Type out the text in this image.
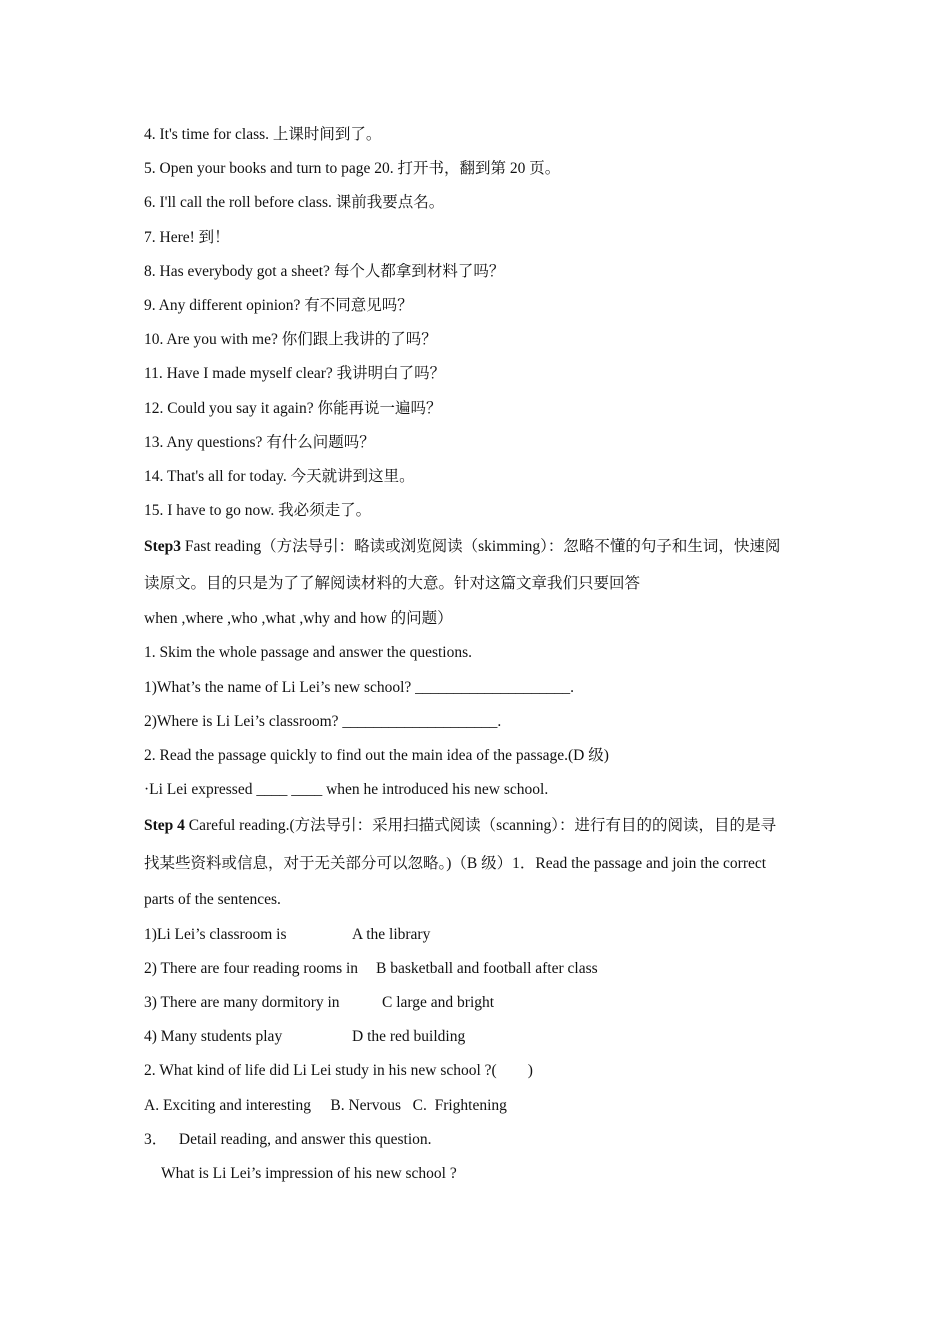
4. It's time for class. 上课时间到了。
5. Open your books and turn to page 20. 打开书，翻到第 20 页。
6. I'll call the roll before class. 课前我要点名。
7. Here! 到！
8. Has everybody got a sheet? 每个人都拿到材料了吗？
9. Any different opinion? 有不同意见吗？
10. Are you with me? 你们跟上我讲的了吗？
11. Have I made myself clear? 我讲明白了吗？
12. Could you say it again? 你能再说一遍吗？
13. Any questions? 有什么问题吗？
14. That's all for today. 今天就讲到这里。
15. I have to go now. 我必须走了。
Step3 Fast reading（方法导引：略读或浏览阅读（skimming）：忽略不懂的句子和生词，快速阅
读原文。目的只是为了了解阅读材料的大意。针对这篇文章我们只要回答
when ,where ,who ,what ,why and how 的问题）
1. Skim the whole passage and answer the questions.
1)What’s the name of Li Lei’s new school? ____________________.
2)Where is Li Lei’s classroom? ____________________.
2. Read the passage quickly to find out the main idea of the passage.(D 级)
·Li Lei expressed ____ ____ when he introduced his new school.
Step 4 Careful reading.(方法导引：采用扫描式阅读（scanning）：进行有目的的阅读，目的是寻
找某些资料或信息，对于无关部分可以忽略。)（B 级）1．Read the passage and join the correct
parts of the sentences.
1)Li Lei’s classroom is	A the library
2) There are four reading rooms in B basketball and football after class
3) There are many dormitory in	C large and bright
4) Many students play	D the red building
2. What kind of life did Li Lei study in his new school ?(        )
A. Exciting and interesting     B. Nervous   C.  Frightening
3．   Detail reading, and answer this question.
What is Li Lei’s impression of his new school ?
